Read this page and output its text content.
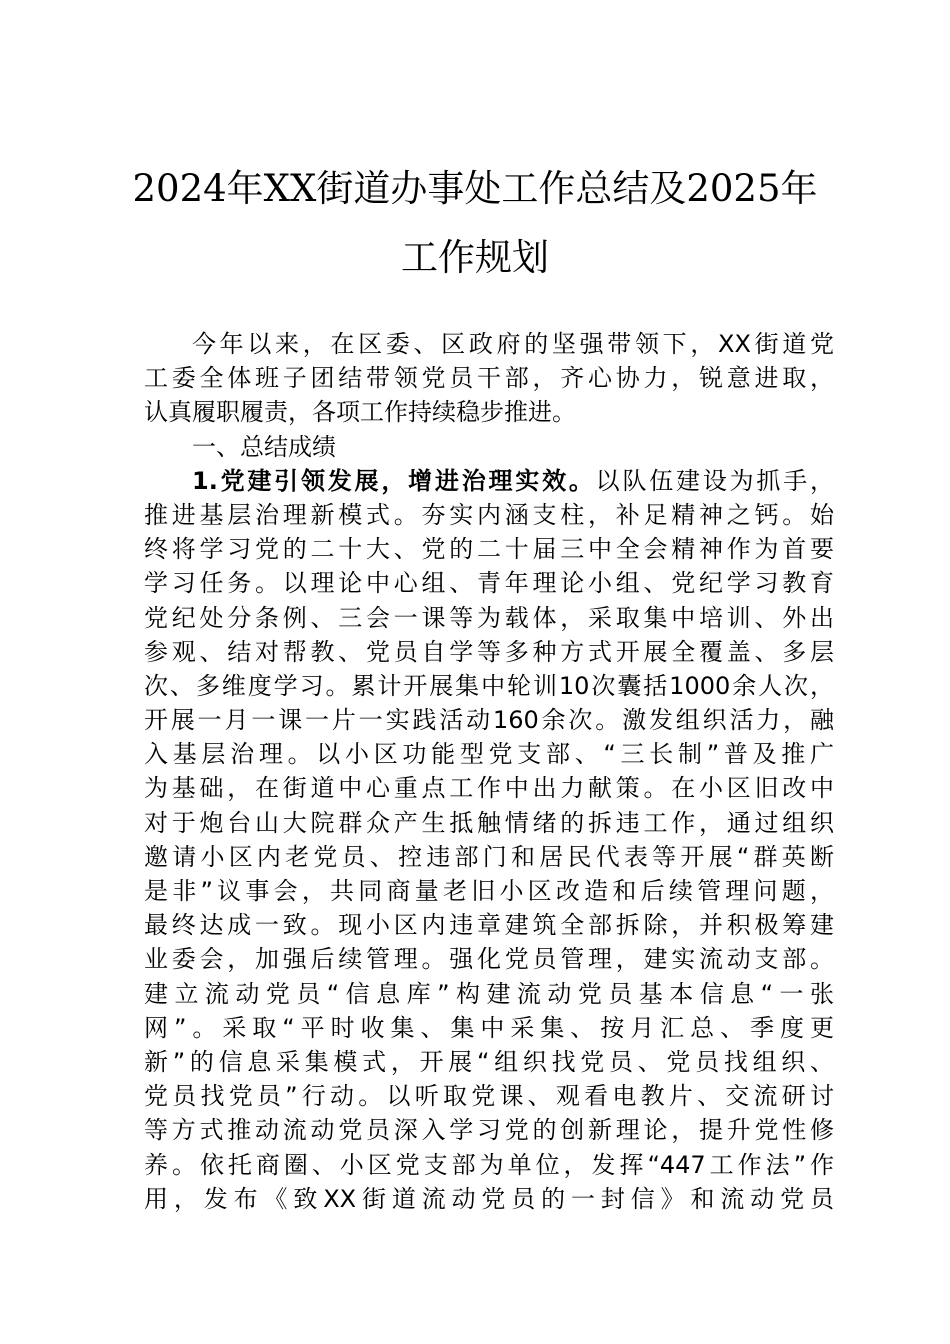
2024年XX街道办事处工作总结及2025年
工作规划
今年以来，在区委、区政府的坚强带领下，XX街道党
工委全体班子团结带领党员干部，齐心协力，锐意进取，
认真履职履责，各项工作持续稳步推进。
一、总结成绩
1.党建引领发展，增进治理实效。以队伍建设为抓手，
推进基层治理新模式。夯实内涵支柱，补足精神之钙。始
终将学习党的二十大、党的二十届三中全会精神作为首要
学习任务。以理论中心组、青年理论小组、党纪学习教育
党纪处分条例、三会一课等为载体，采取集中培训、外出
参观、结对帮教、党员自学等多种方式开展全覆盖、多层
次、多维度学习。累计开展集中轮训10次囊括1000余人次，
开展一月一课一片一实践活动160余次。激发组织活力，融
入基层治理。以小区功能型党支部、“三长制”普及推广
为基础，在街道中心重点工作中出力献策。在小区旧改中
对于炮台山大院群众产生抵触情绪的拆违工作，通过组织
邀请小区内老党员、控违部门和居民代表等开展“群英断
是非”议事会，共同商量老旧小区改造和后续管理问题，
最终达成一致。现小区内违章建筑全部拆除，并积极筹建
业委会，加强后续管理。强化党员管理，建实流动支部。
建立流动党员“信息库”构建流动党员基本信息“一张
网”。采取“平时收集、集中采集、按月汇总、季度更
新”的信息采集模式，开展“组织找党员、党员找组织、
党员找党员”行动。以听取党课、观看电教片、交流研讨
等方式推动流动党员深入学习党的创新理论，提升党性修
养。依托商圈、小区党支部为单位，发挥“447工作法”作
用，发布《致XX街道流动党员的一封信》和流动党员
